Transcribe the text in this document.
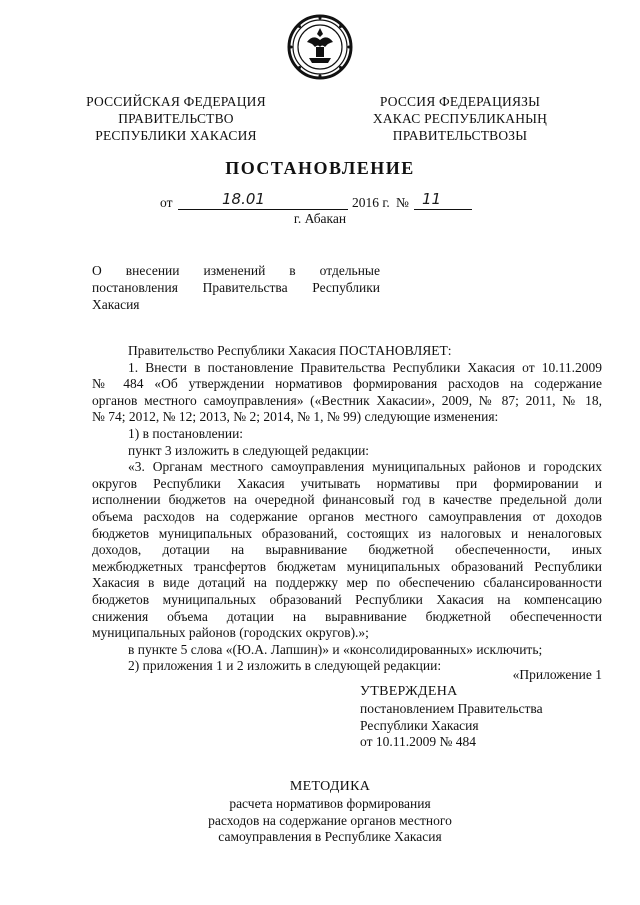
РОССИЙСКАЯ ФЕДЕРАЦИЯ
ПРАВИТЕЛЬСТВО
РЕСПУБЛИКИ ХАКАСИЯ
РОССИЯ ФЕДЕРАЦИЯЗЫ
ХАКАС РЕСПУБЛИКАНЫҢ
ПРАВИТЕЛЬСТВОЗЫ
ПОСТАНОВЛЕНИЕ
от	18.01	2016 г. № 11
г. Абакан
О внесении изменений в отдельные
постановления Правительства Республики
Хакасия
Правительство Республики Хакасия ПОСТАНОВЛЯЕТ:
1. Внести в постановление Правительства Республики Хакасия от 10.11.2009
№ 484 «Об утверждении нормативов формирования расходов на содержание
органов местного самоуправления» («Вестник Хакасии», 2009, № 87; 2011, № 18,
№ 74; 2012, № 12; 2013, № 2; 2014, № 1, № 99) следующие изменения:
1) в постановлении:
пункт 3 изложить в следующей редакции:
«3. Органам местного самоуправления муниципальных районов и городских
округов Республики Хакасия учитывать нормативы при формировании и
исполнении бюджетов на очередной финансовый год в качестве предельной доли
объема расходов на содержание органов местного самоуправления от доходов
бюджетов муниципальных образований, состоящих из налоговых и неналоговых
доходов, дотации на выравнивание бюджетной обеспеченности, иных
межбюджетных трансфертов бюджетам муниципальных образований Республики
Хакасия в виде дотаций на поддержку мер по обеспечению сбалансированности
бюджетов муниципальных образований Республики Хакасия на компенсацию
снижения объема дотации на выравнивание бюджетной обеспеченности
муниципальных районов (городских округов).»;
в пункте 5 слова «(Ю.А. Лапшин)» и «консолидированных» исключить;
2) приложения 1 и 2 изложить в следующей редакции:
«Приложение 1
УТВЕРЖДЕНА
постановлением Правительства
Республики Хакасия
от 10.11.2009 № 484
МЕТОДИКА
расчета нормативов формирования
расходов на содержание органов местного
самоуправления в Республике Хакасия
